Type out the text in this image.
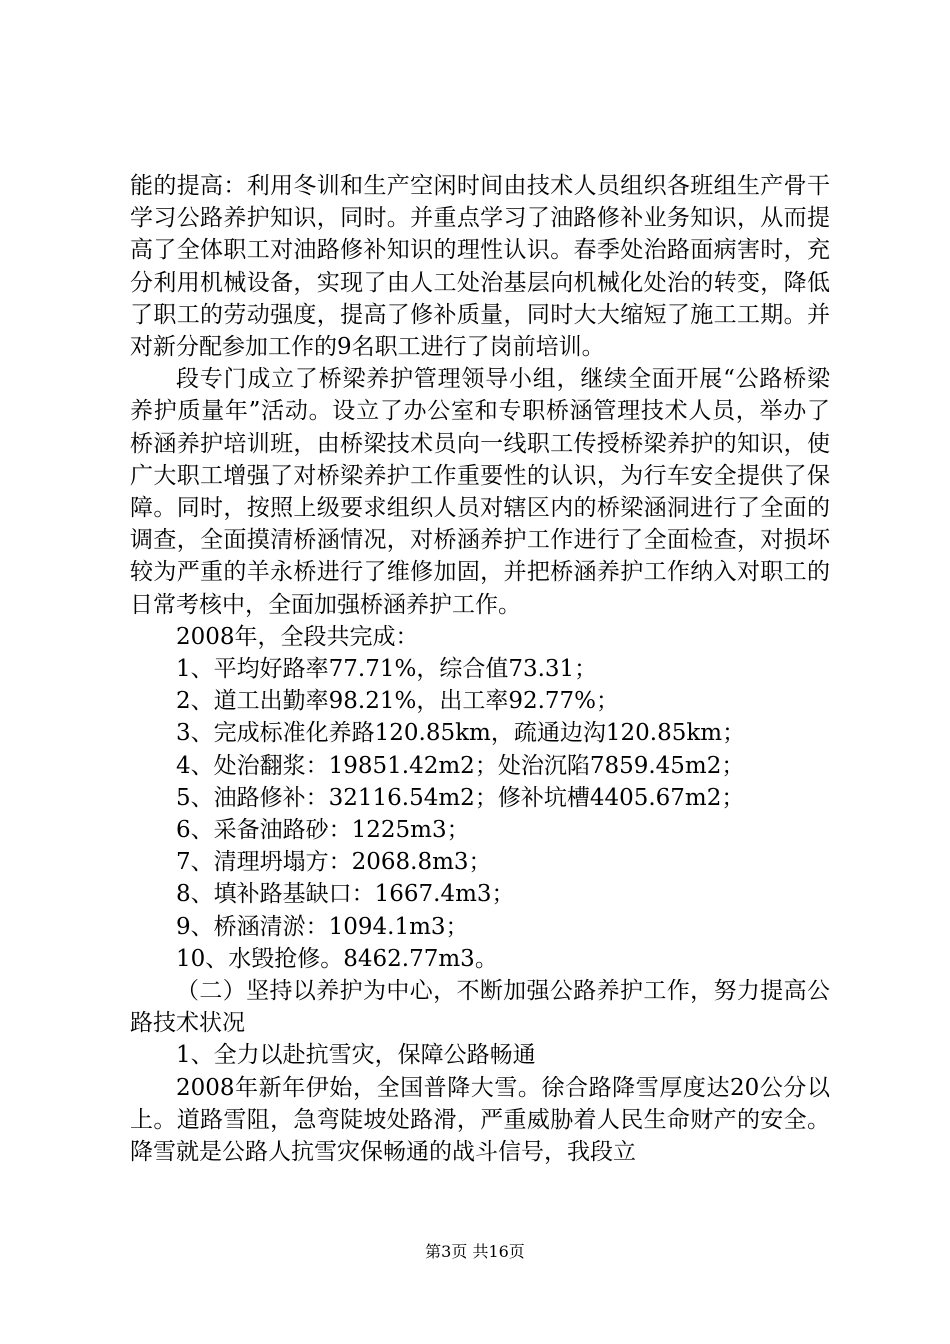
能的提高：利用冬训和生产空闲时间由技术人员组织各班组生产骨干学习公路养护知识，同时。并重点学习了油路修补业务知识，从而提高了全体职工对油路修补知识的理性认识。春季处治路面病害时，充分利用机械设备，实现了由人工处治基层向机械化处治的转变，降低了职工的劳动强度，提高了修补质量，同时大大缩短了施工工期。并对新分配参加工作的9名职工进行了岗前培训。

段专门成立了桥梁养护管理领导小组，继续全面开展“公路桥梁养护质量年”活动。设立了办公室和专职桥涵管理技术人员，举办了桥涵养护培训班，由桥梁技术员向一线职工传授桥梁养护的知识，使广大职工增强了对桥梁养护工作重要性的认识，为行车安全提供了保障。同时，按照上级要求组织人员对辖区内的桥梁涵洞进行了全面的调查，全面摸清桥涵情况，对桥涵养护工作进行了全面检查，对损坏较为严重的羊永桥进行了维修加固，并把桥涵养护工作纳入对职工的日常考核中，全面加强桥涵养护工作。

2008年，全段共完成：

1、平均好路率77.71%，综合值73.31；

2、道工出勤率98.21%，出工率92.77%；

3、完成标准化养路120.85km，疏通边沟120.85km；

4、处治翻浆：19851.42m2；处治沉陷7859.45m2；

5、油路修补：32116.54m2；修补坑槽4405.67m2；

6、采备油路砂：1225m3；

7、清理坍塌方：2068.8m3；

8、填补路基缺口：1667.4m3；

9、桥涵清淤：1094.1m3；

10、水毁抢修。8462.77m3。

（二）坚持以养护为中心，不断加强公路养护工作，努力提高公路技术状况

1、全力以赴抗雪灾，保障公路畅通

2008年新年伊始，全国普降大雪。徐合路降雪厚度达20公分以上。道路雪阻，急弯陡坡处路滑，严重威胁着人民生命财产的安全。降雪就是公路人抗雪灾保畅通的战斗信号，我段立

第3页 共16页
